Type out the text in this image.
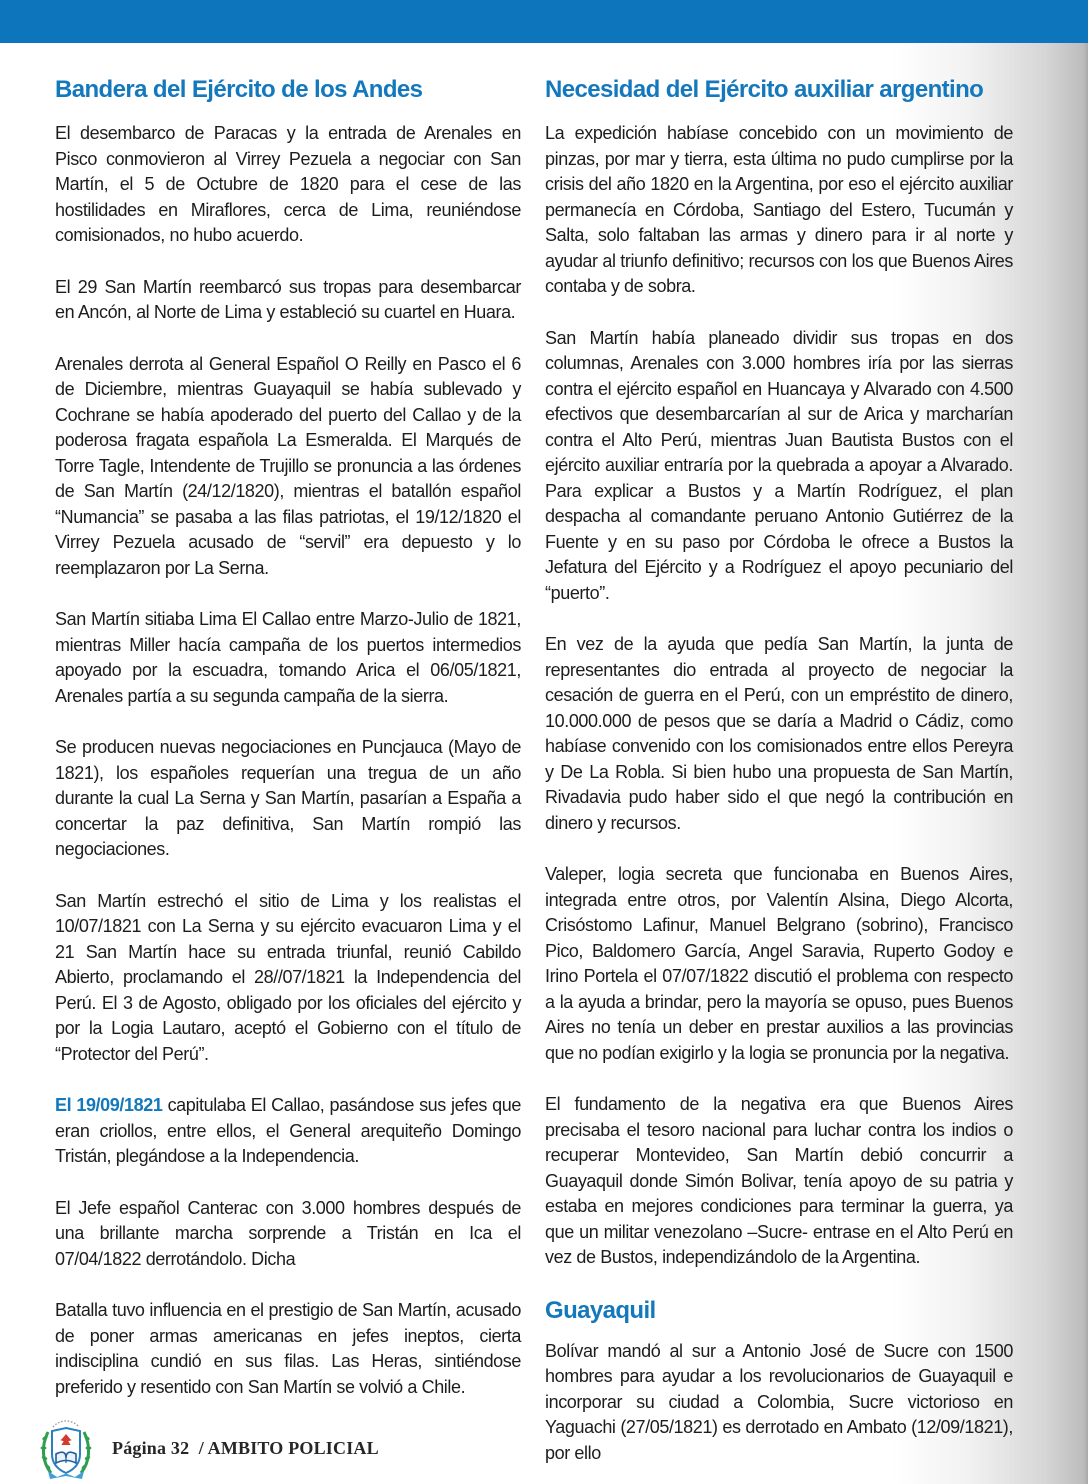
Bandera del Ejército de los Andes

El desembarco de Paracas y la entrada de Arenales en Pisco conmovieron al Virrey Pezuela a negociar con San Martín, el 5 de Octubre de 1820 para el cese de las hostilidades en Miraflores, cerca de Lima, reuniéndose comisionados, no hubo acuerdo.

El 29 San Martín reembarcó sus tropas para desembarcar en Ancón, al Norte de Lima y estableció su cuartel en Huara.

Arenales derrota al General Español O Reilly en Pasco el 6 de Diciembre, mientras Guayaquil se había sublevado y Cochrane se había apoderado del puerto del Callao y de la poderosa fragata española La Esmeralda. El Marqués de Torre Tagle, Intendente de Trujillo se pronuncia a las órdenes de San Martín (24/12/1820), mientras el batallón español “Numancia” se pasaba a las filas patriotas, el 19/12/1820 el Virrey Pezuela acusado de “servil” era depuesto y lo reemplazaron por La Serna.

San Martín sitiaba Lima El Callao entre Marzo-Julio de 1821, mientras Miller hacía campaña de los puertos intermedios apoyado por la escuadra, tomando Arica el 06/05/1821, Arenales partía a su segunda campaña de la sierra.

Se producen nuevas negociaciones en Puncjauca (Mayo de 1821), los españoles requerían una tregua de un año durante la cual La Serna y San Martín, pasarían a España a concertar la paz definitiva, San Martín rompió las negociaciones.

San Martín estrechó el sitio de Lima y los realistas el 10/07/1821 con La Serna y su ejército evacuaron Lima y el 21 San Martín hace su entrada triunfal, reunió Cabildo Abierto, proclamando el 28//07/1821 la Independencia del Perú. El 3 de Agosto, obligado por los oficiales del ejército y por la Logia Lautaro, aceptó el Gobierno con el título de “Protector del Perú”.

El 19/09/1821 capitulaba El Callao, pasándose sus jefes que eran criollos, entre ellos, el General arequiteño Domingo Tristán, plegándose a la Independencia.

El Jefe español Canterac con 3.000 hombres después de una brillante marcha sorprende a Tristán en Ica el 07/04/1822 derrotándolo. Dicha

Batalla tuvo influencia en el prestigio de San Martín, acusado de poner armas americanas en jefes ineptos, cierta indisciplina cundió en sus filas. Las Heras, sintiéndose preferido y resentido con San Martín se volvió a Chile.

Necesidad del Ejército auxiliar argentino

La expedición habíase concebido con un movimiento de pinzas, por mar y tierra, esta última no pudo cumplirse por la crisis del año 1820 en la Argentina, por eso el ejército auxiliar permanecía en Córdoba, Santiago del Estero, Tucumán y Salta, solo faltaban las armas y dinero para ir al norte y ayudar al triunfo definitivo; recursos con los que Buenos Aires contaba y de sobra.

San Martín había planeado dividir sus tropas en dos columnas, Arenales con 3.000 hombres iría por las sierras contra el ejército español en Huancaya y Alvarado con 4.500 efectivos que desembarcarían al sur de Arica y marcharían contra el Alto Perú, mientras Juan Bautista Bustos con el ejército auxiliar entraría por la quebrada a apoyar a Alvarado. Para explicar a Bustos y a Martín Rodríguez, el plan despacha al comandante peruano Antonio Gutiérrez de la Fuente y en su paso por Córdoba le ofrece a Bustos la Jefatura del Ejército y a Rodríguez el apoyo pecuniario del “puerto”.

En vez de la ayuda que pedía San Martín, la junta de representantes dio entrada al proyecto de negociar la cesación de guerra en el Perú, con un empréstito de dinero, 10.000.000 de pesos que se daría a Madrid o Cádiz, como habíase convenido con los comisionados entre ellos Pereyra y De La Robla. Si bien hubo una propuesta de San Martín, Rivadavia pudo haber sido el que negó la contribución en dinero y recursos.

Valeper, logia secreta que funcionaba en Buenos Aires, integrada entre otros, por Valentín Alsina, Diego Alcorta, Crisóstomo Lafinur, Manuel Belgrano (sobrino), Francisco Pico, Baldomero García, Angel Saravia, Ruperto Godoy e Irino Portela el 07/07/1822 discutió el problema con respecto a la ayuda a brindar, pero la mayoría se opuso, pues Buenos Aires no tenía un deber en prestar auxilios a las provincias que no podían exigirlo y la logia se pronuncia por la negativa.

El fundamento de la negativa era que Buenos Aires precisaba el tesoro nacional para luchar contra los indios o recuperar Montevideo, San Martín debió concurrir a Guayaquil donde Simón Bolivar, tenía apoyo de su patria y estaba en mejores condiciones para terminar la guerra, ya que un militar venezolano –Sucre- entrase en el Alto Perú en vez de Bustos, independizándolo de la Argentina.

Guayaquil

Bolívar mandó al sur a Antonio José de Sucre con 1500 hombres para ayudar a los revolucionarios de Guayaquil e incorporar su ciudad a Colombia, Sucre victorioso en Yaguachi (27/05/1821) es derrotado en Ambato (12/09/1821), por ello

Página 32  / AMBITO POLICIAL
